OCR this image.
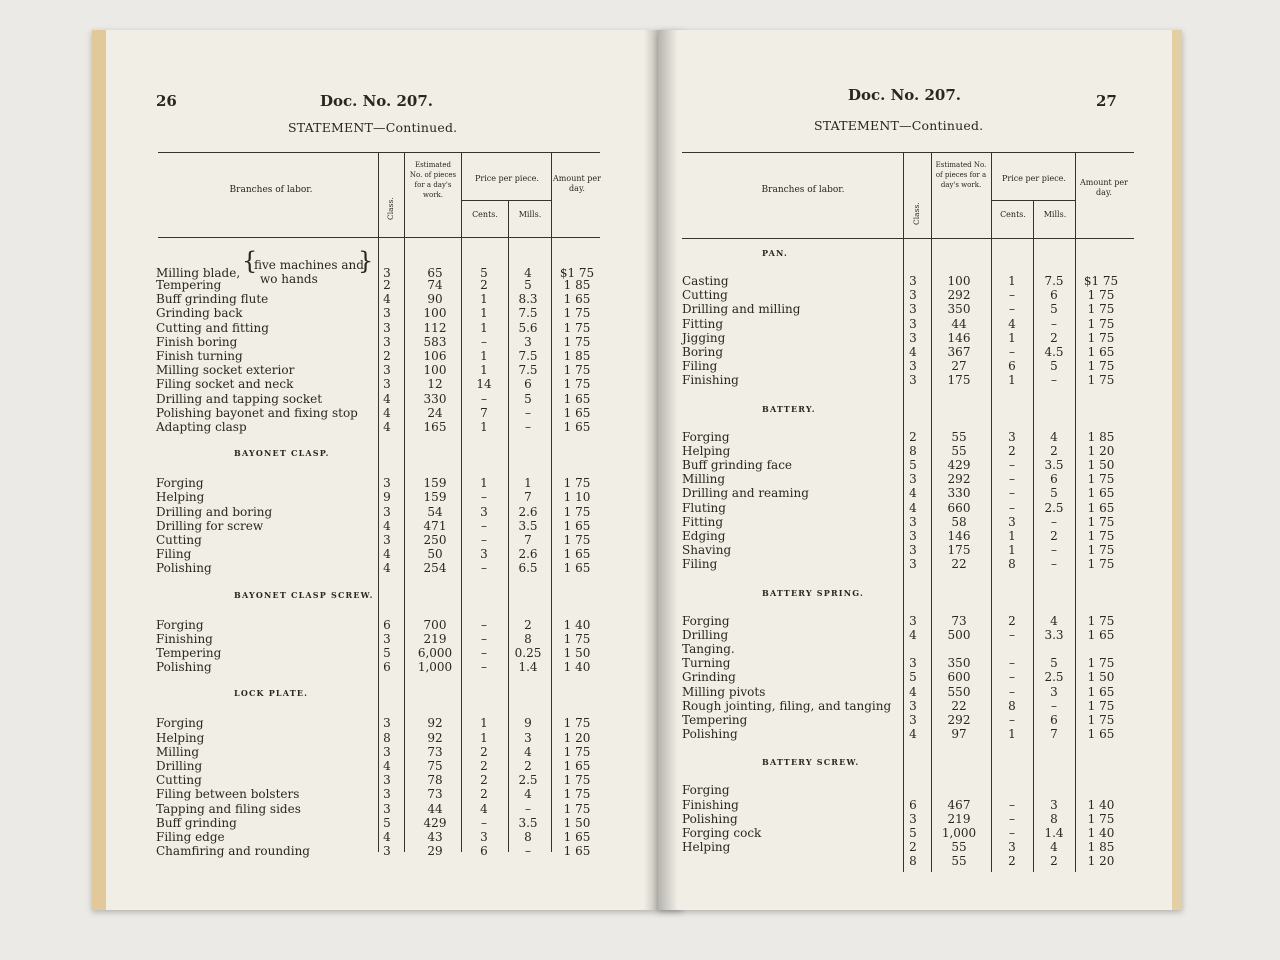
26	Doc. No. 207.
STATEMENT—Continued.
Branches of labor.
Class.
Estimated No. of pieces for a day's work.
Price per piece.
Cents.	Mills.
Amount per day.
Milling blade, {
five machines and
wo hands
} 3	65	5	4	$1 75
Tempering	2	74	2	5	1 85
Buff grinding flute	4	90	1	8.3	1 65
Grinding back	3	100	1	7.5	1 75
Cutting and fitting	3	112	1	5.6	1 75
Finish boring	3	583	–	3	1 75
Finish turning	2	106	1	7.5	1 85
Milling socket exterior	3	100	1	7.5	1 75
Filing socket and neck	3	12	14	6	1 75
Drilling and tapping socket	4	330	–	5	1 65
Polishing bayonet and fixing stop 4	24	7	–	1 65
Adapting clasp	4	165	1	–	1 65
BAYONET CLASP.
Forging	3	159	1	1	1 75
Helping	9	159	–	7	1 10
Drilling and boring	3	54	3	2.6	1 75
Drilling for screw	4	471	–	3.5	1 65
Cutting	3	250	–	7	1 75
Filing	4	50	3	2.6	1 65
Polishing	4	254	–	6.5	1 65
BAYONET CLASP SCREW.
Forging	6	700	–	2	1 40
Finishing	3	219	–	8	1 75
Tempering	5	6,000	–	0.25	1 50
Polishing	6	1,000	–	1.4	1 40
LOCK PLATE.
Forging	3	92	1	9	1 75
Helping	8	92	1	3	1 20
Milling	3	73	2	4	1 75
Drilling	4	75	2	2	1 65
Cutting	3	78	2	2.5	1 75
Filing between bolsters	3	73	2	4	1 75
Tapping and filing sides	3	44	4	–	1 75
Buff grinding	5	429	–	3.5	1 50
Filing edge	4	43	3	8	1 65
Chamfiring and rounding	3	29	6	–	1 65
Doc. No. 207.	27
STATEMENT—Continued.
Branches of labor.
Class.
Estimated No. of pieces for a day's work.
Price per piece.
Cents.	Mills.
Amount per day.
PAN.
Casting	3	100	1	7.5	$1 75
Cutting	3	292	–	6	1 75
Drilling and milling	3	350	–	5	1 75
Fitting	3	44	4	–	1 75
Jigging	3	146	1	2	1 75
Boring	4	367	–	4.5	1 65
Filing	3	27	6	5	1 75
Finishing	3	175	1	–	1 75
BATTERY.
Forging	2	55	3	4	1 85
Helping	8	55	2	2	1 20
Buff grinding face	5	429	–	3.5	1 50
Milling	3	292	–	6	1 75
Drilling and reaming	4	330	–	5	1 65
Fluting	4	660	–	2.5	1 65
Fitting	3	58	3	–	1 75
Edging	3	146	1	2	1 75
Shaving	3	175	1	–	1 75
Filing	3	22	8	–	1 75
BATTERY SPRING.
Forging	3	73	2	4	1 75
Drilling	4	500	–	3.3	1 65
Tanging.
Turning	3	350	–	5	1 75
Grinding	5	600	–	2.5	1 50
Milling pivots	4	550	–	3	1 65
Rough jointing, filing, and tanging 3	22	8	–	1 75
Tempering	3	292	–	6	1 75
Polishing	4	97	1	7	1 65
BATTERY SCREW.
Forging
Finishing	6	467	–	3	1 40
Polishing	3	219	–	8	1 75
Forging cock	5	1,000	–	1.4	1 40
Helping	2	55	3	4	1 85
8	55	2	2	1 20
